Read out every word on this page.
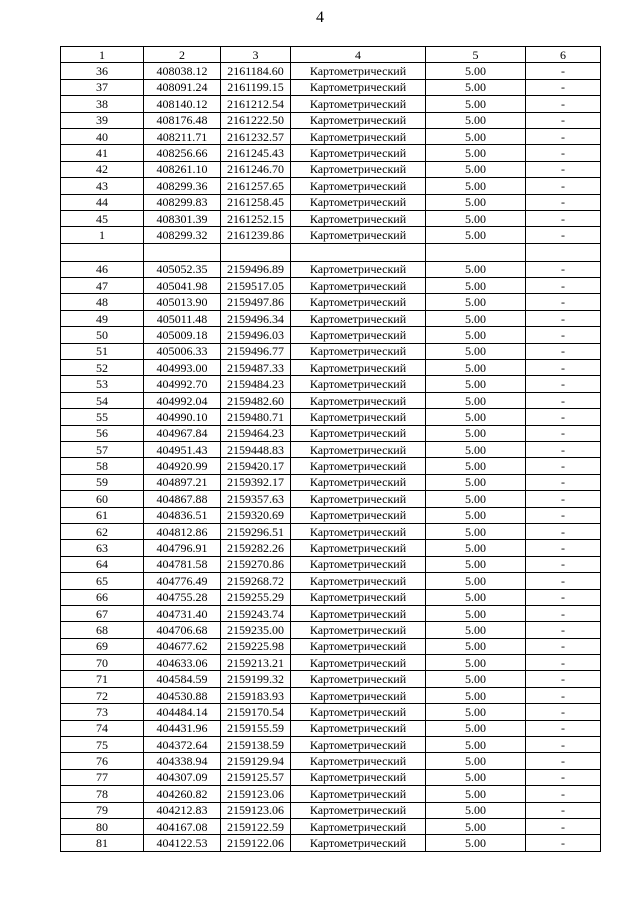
4
1	2	3	4	5	6
36	408038.12	2161184.60	Картометрический	5.00	-
37	408091.24	2161199.15	Картометрический	5.00	-
38	408140.12	2161212.54	Картометрический	5.00	-
39	408176.48	2161222.50	Картометрический	5.00	-
40	408211.71	2161232.57	Картометрический	5.00	-
41	408256.66	2161245.43	Картометрический	5.00	-
42	408261.10	2161246.70	Картометрический	5.00	-
43	408299.36	2161257.65	Картометрический	5.00	-
44	408299.83	2161258.45	Картометрический	5.00	-
45	408301.39	2161252.15	Картометрический	5.00	-
1	408299.32	2161239.86	Картометрический	5.00	-

46	405052.35	2159496.89	Картометрический	5.00	-
47	405041.98	2159517.05	Картометрический	5.00	-
48	405013.90	2159497.86	Картометрический	5.00	-
49	405011.48	2159496.34	Картометрический	5.00	-
50	405009.18	2159496.03	Картометрический	5.00	-
51	405006.33	2159496.77	Картометрический	5.00	-
52	404993.00	2159487.33	Картометрический	5.00	-
53	404992.70	2159484.23	Картометрический	5.00	-
54	404992.04	2159482.60	Картометрический	5.00	-
55	404990.10	2159480.71	Картометрический	5.00	-
56	404967.84	2159464.23	Картометрический	5.00	-
57	404951.43	2159448.83	Картометрический	5.00	-
58	404920.99	2159420.17	Картометрический	5.00	-
59	404897.21	2159392.17	Картометрический	5.00	-
60	404867.88	2159357.63	Картометрический	5.00	-
61	404836.51	2159320.69	Картометрический	5.00	-
62	404812.86	2159296.51	Картометрический	5.00	-
63	404796.91	2159282.26	Картометрический	5.00	-
64	404781.58	2159270.86	Картометрический	5.00	-
65	404776.49	2159268.72	Картометрический	5.00	-
66	404755.28	2159255.29	Картометрический	5.00	-
67	404731.40	2159243.74	Картометрический	5.00	-
68	404706.68	2159235.00	Картометрический	5.00	-
69	404677.62	2159225.98	Картометрический	5.00	-
70	404633.06	2159213.21	Картометрический	5.00	-
71	404584.59	2159199.32	Картометрический	5.00	-
72	404530.88	2159183.93	Картометрический	5.00	-
73	404484.14	2159170.54	Картометрический	5.00	-
74	404431.96	2159155.59	Картометрический	5.00	-
75	404372.64	2159138.59	Картометрический	5.00	-
76	404338.94	2159129.94	Картометрический	5.00	-
77	404307.09	2159125.57	Картометрический	5.00	-
78	404260.82	2159123.06	Картометрический	5.00	-
79	404212.83	2159123.06	Картометрический	5.00	-
80	404167.08	2159122.59	Картометрический	5.00	-
81	404122.53	2159122.06	Картометрический	5.00	-
